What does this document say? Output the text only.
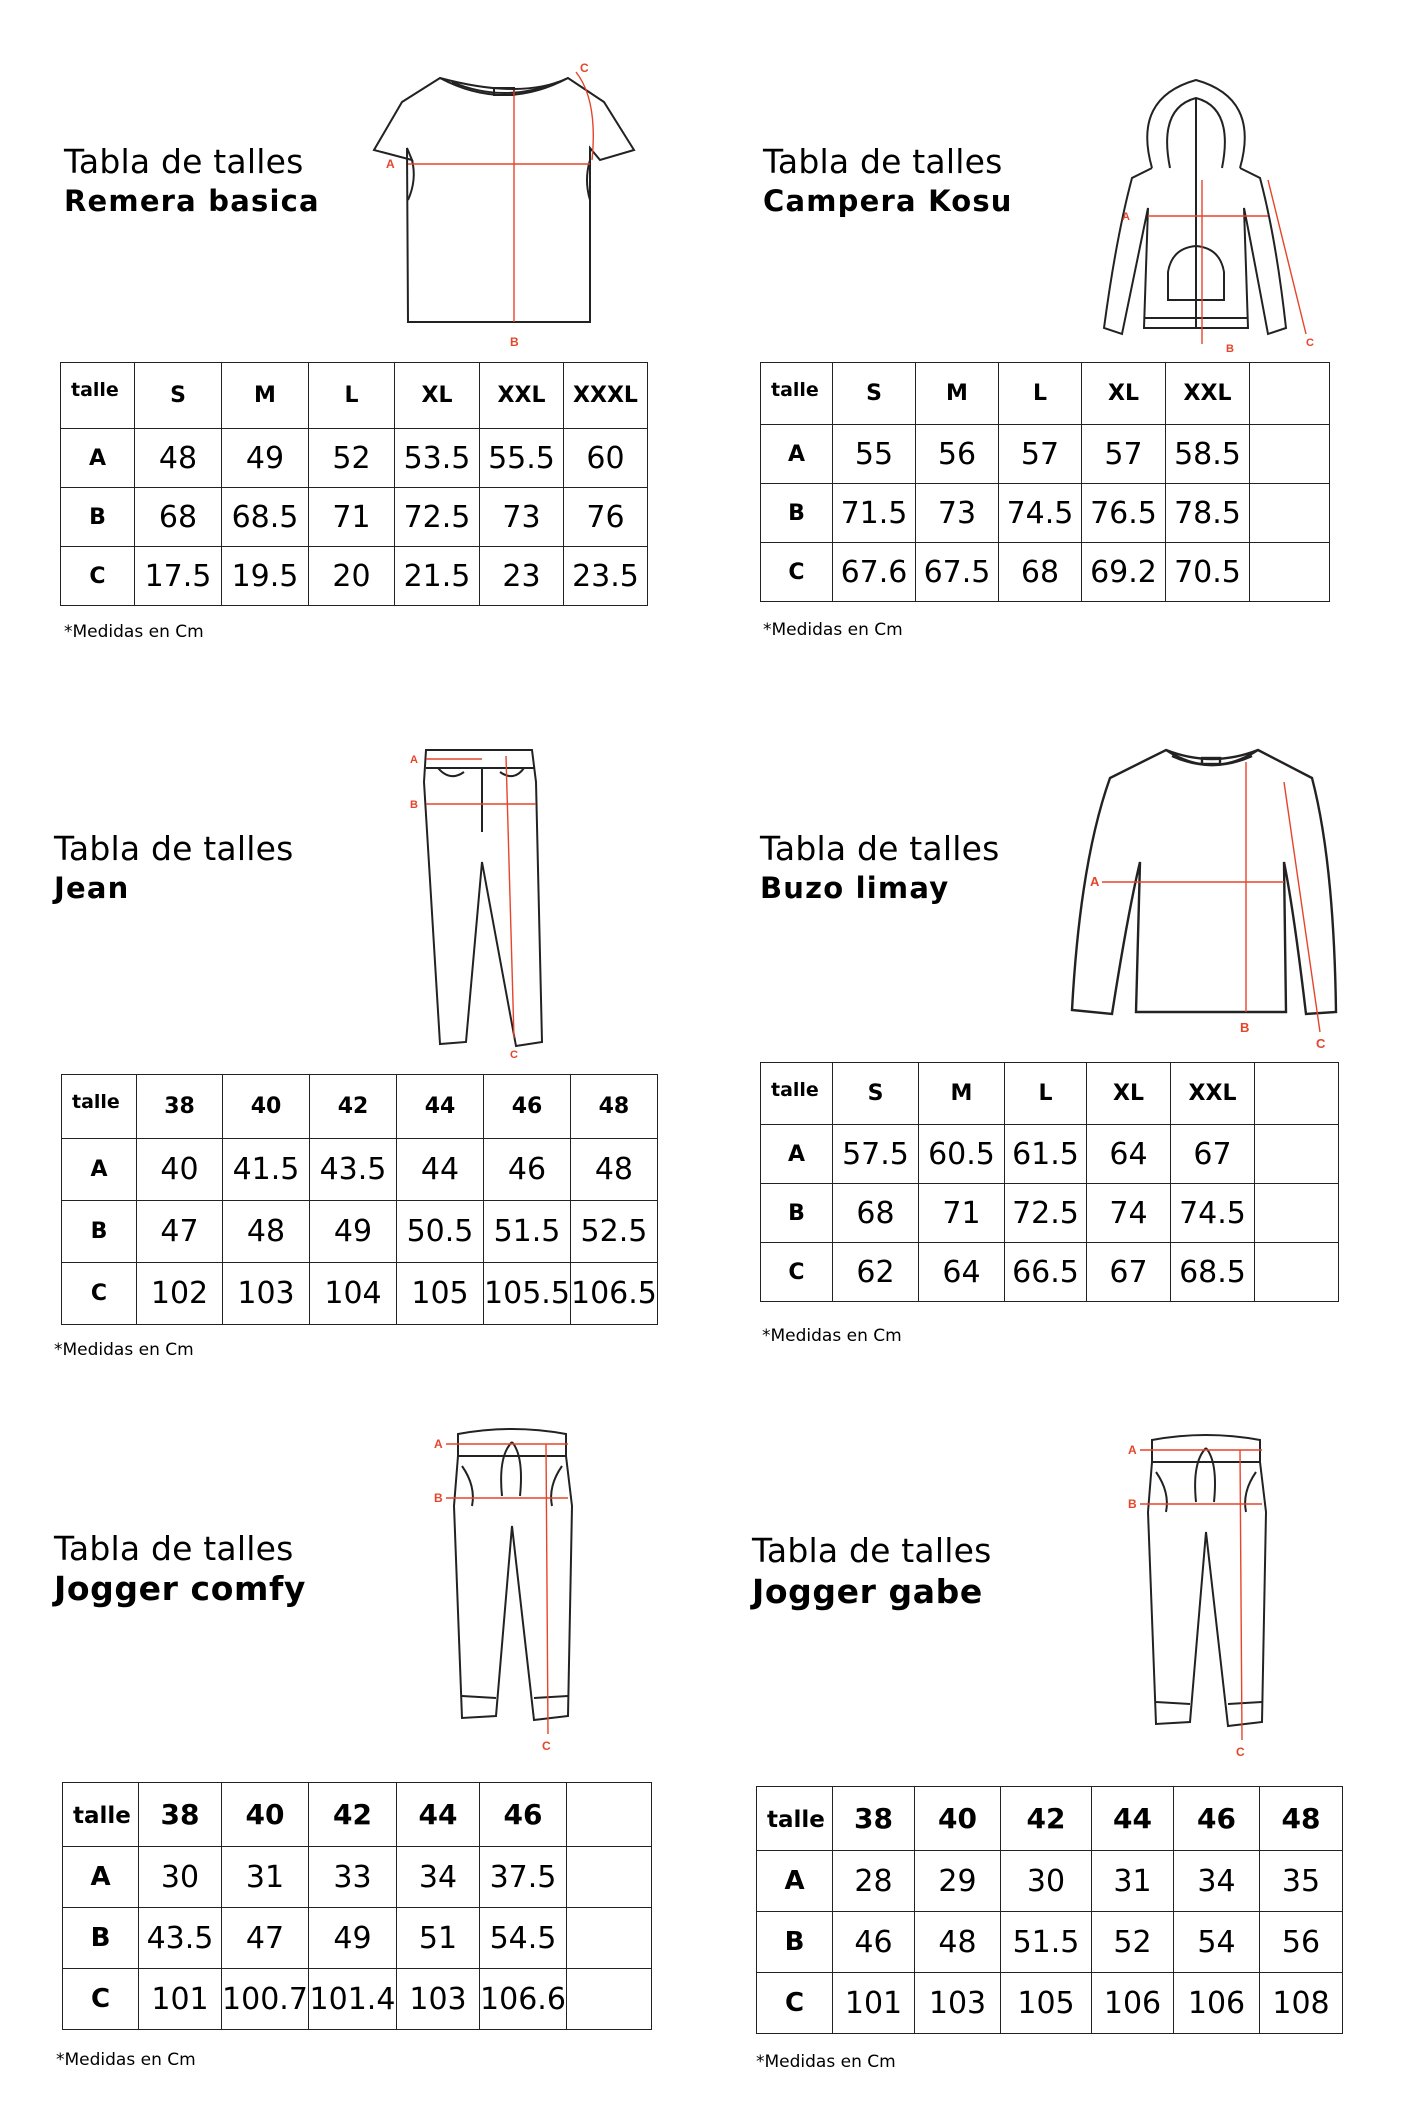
Tabla de talles
Remera basica
A
B
C
talle	S	M	L	XL	XXL	XXXL
A	48	49	52	53.5	55.5	60
B	68	68.5	71	72.5	73	76
C	17.5	19.5	20	21.5	23	23.5
*Medidas en Cm
Tabla de talles
Campera Kosu	A
B	C
talle	S	M	L	XL	XXL	
A	55	56	57	57	58.5	
B	71.5	73	74.5	76.5	78.5	
C	67.6	67.5	68	69.2	70.5	
*Medidas en Cm
Tabla de talles
Jean
A
B
C
talle	38	40	42	44	46	48
A	40	41.5	43.5	44	46	48
B	47	48	49	50.5	51.5	52.5
C	102	103	104	105	105.5	106.5
*Medidas en Cm
Tabla de talles
Buzo limay	A
B
C
talle	S	M	L	XL	XXL	
A	57.5	60.5	61.5	64	67	
B	68	71	72.5	74	74.5	
C	62	64	66.5	67	68.5	
*Medidas en Cm
Tabla de talles
Jogger comfy
A
B
C
talle	38	40	42	44	46	
A	30	31	33	34	37.5	
B	43.5	47	49	51	54.5	
C	101	100.7	101.4	103	106.6	
*Medidas en Cm
Tabla de talles
Jogger gabe
A
B
C
talle	38	40	42	44	46	48
A	28	29	30	31	34	35
B	46	48	51.5	52	54	56
C	101	103	105	106	106	108
*Medidas en Cm
